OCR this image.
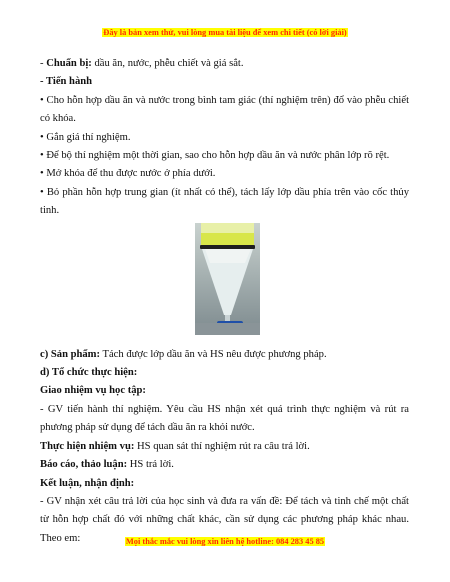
Đây là bản xem thử, vui lòng mua tài liệu để xem chi tiết (có lời giải)

- Chuẩn bị: dầu ăn, nước, phễu chiết và giá sắt.

- Tiến hành

• Cho hỗn hợp dầu ăn và nước trong bình tam giác (thí nghiệm trên) đổ vào phễu chiết có khóa.

• Gắn giá thí nghiệm.

• Để bộ thí nghiệm một thời gian, sao cho hỗn hợp dầu ăn và nước phân lớp rõ rệt.

• Mở khóa để thu được nước ở phía dưới.

• Bỏ phần hỗn hợp trung gian (ít nhất có thể), tách lấy lớp dầu phía trên vào cốc thủy tinh.

c) Sản phẩm: Tách được lớp dầu ăn và HS nêu được phương pháp.

d) Tổ chức thực hiện:

Giao nhiệm vụ học tập:

- GV tiến hành thí nghiệm. Yêu cầu HS nhận xét quá trình thực nghiệm và rút ra phương pháp sử dụng để tách dầu ăn ra khỏi nước.

Thực hiện nhiệm vụ: HS quan sát thí nghiệm rút ra câu trả lời.

Báo cáo, thảo luận: HS trả lời.

Kết luận, nhận định:

- GV nhận xét câu trả lời của học sinh và đưa ra vấn đề: Để tách và tinh chế một chất từ hỗn hợp chất đó với những chất khác, cần sử dụng các phương pháp khác nhau. Theo em:	Mọi thắc mắc vui lòng xin liên hệ hotline: 084 283 45 85
